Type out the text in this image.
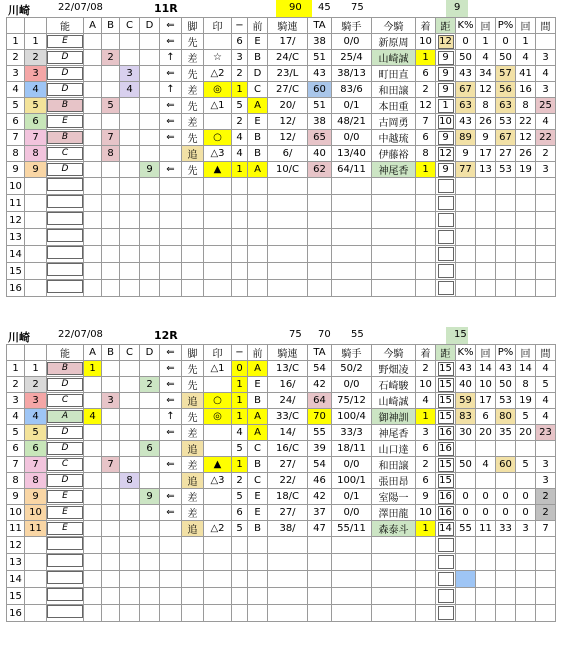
川崎	22/07/08	11R	90 45 75	9
		能	A	B	C	D	⇐	脚	印	−	前	騎連	TA	騎手	今騎	着	距	K%	回	P%	回	間
1	1	E					⇐	先		6	E	17/	38	0/0	新原周	10	12	0	1	0	1	
2	2	D		2			↑	差	☆	3	B	24/C	51	25/4	山崎誠	1	9	50	4	50	4	3
3	3	D			3		⇐	先	△2	2	D	23/L	43	38/13	町田直	6	9	43	34	57	41	4
4	4	D			4		↑	差	◎	1	C	27/C	60	83/6	和田譲	2	9	67	12	56	16	3
5	5	B		5			⇐	先	△1	5	A	20/	51	0/1	本田重	12	1	63	8	63	8	25
6	6	E					⇐	差		2	E	12/	38	48/21	古岡勇	7	10	43	26	53	22	4
7	7	B		7			⇐	先	○	4	B	12/	65	0/0	中越琉	6	9	89	9	67	12	22
8	8	C		8				追	△3	4	B	6/	40	13/40	伊藤裕	8	12	9	17	27	26	2
9	9	D				9	⇐	先	▲	1	A	10/C	62	64/11	神尾香	1	9	77	13	53	19	3
10																	

11																	

12																	

13																	

14																	

15																	

16																	

川崎	22/07/08	12R	75 70 55	15
		能	A	B	C	D	⇐	脚	印	−	前	騎連	TA	騎手	今騎	着	距	K%	回	P%	回	間
1	1	B	1				⇐	先	△1	0	A	13/C	54	50/2	野畑凌	2	15	43	14	43	14	4
2	2	D				2	⇐	先		1	E	16/	42	0/0	石崎駿	10	15	40	10	50	8	5
3	3	C		3			⇐	追	○	1	B	24/	64	75/12	山崎誠	4	15	59	17	53	19	4
4	4	A	4				↑	先	◎	1	A	33/C	70	100/4	御神訓	1	15	83	6	80	5	4
5	5	D					⇐	差		4	A	14/	55	33/3	神尾香	3	16	30	20	35	20	23
6	6	D				6		追		5	C	16/C	39	18/11	山口達	6	16					

7	7	C		7			⇐	差	▲	1	B	27/	54	0/0	和田譲	2	15	50	4	60	5	3
8	8	D			8			追	△3	2	C	22/	46	100/1	張田昂	6	15					3
9	9	E				9	⇐	差		5	E	18/C	42	0/1	室陽一	9	16	0	0	0	0	2
10	10	E					⇐	差		6	E	27/	37	0/0	澤田龍	10	16	0	0	0	0	2
11	11	E						追	△2	5	B	38/	47	55/11	森泰斗	1	14	55	11	33	3	7
12																	

13																	

14																	

15																	

16																	
